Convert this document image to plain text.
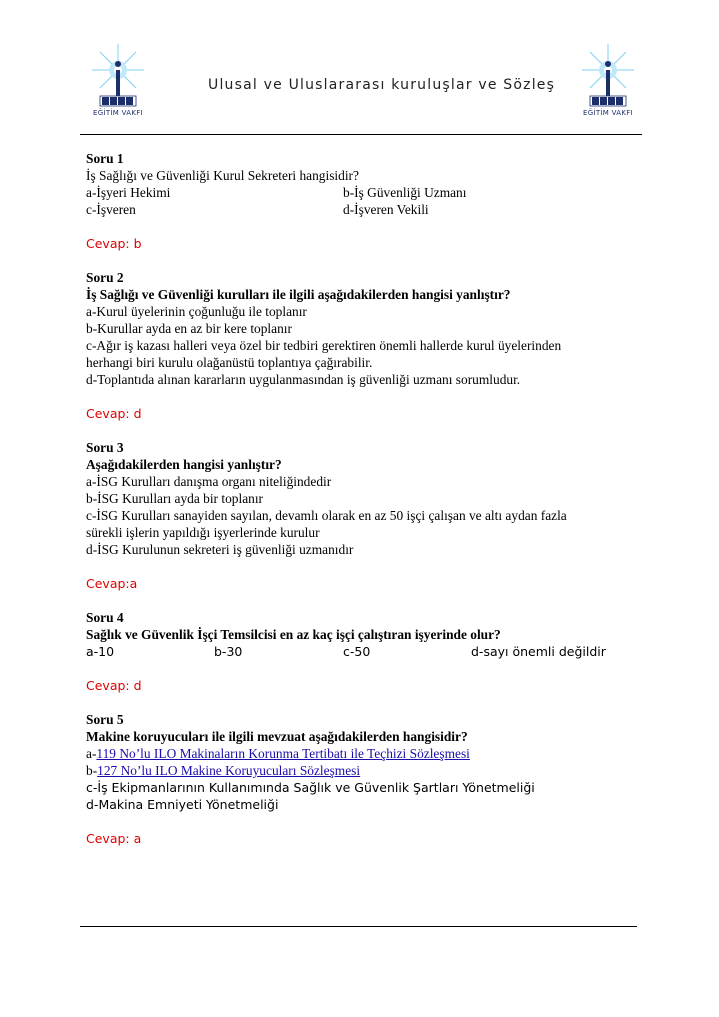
EĞİTİM VAKFI	EĞİTİM VAKFI
Ulusal ve Uluslararası kuruluşlar ve Sözleş
Soru 1
İş Sağlığı ve Güvenliği Kurul Sekreteri hangisidir?
a-İşyeri Hekimi	b-İş Güvenliği Uzmanı
c-İşveren	d-İşveren Vekili
Cevap: b
Soru 2
İş Sağlığı ve Güvenliği kurulları ile ilgili aşağıdakilerden hangisi yanlıştır?
a-Kurul üyelerinin çoğunluğu ile toplanır
b-Kurullar ayda en az bir kere toplanır
c-Ağır iş kazası halleri veya özel bir tedbiri gerektiren önemli hallerde kurul üyelerinden
herhangi biri kurulu olağanüstü toplantıya çağırabilir.
d-Toplantıda alınan kararların uygulanmasından iş güvenliği uzmanı sorumludur.
Cevap: d
Soru 3
Aşağıdakilerden hangisi yanlıştır?
a-İSG Kurulları danışma organı niteliğindedir
b-İSG Kurulları ayda bir toplanır
c-İSG Kurulları sanayiden sayılan, devamlı olarak en az 50 işçi çalışan ve altı aydan fazla
sürekli işlerin yapıldığı işyerlerinde kurulur
d-İSG Kurulunun sekreteri iş güvenliği uzmanıdır
Cevap:a
Soru 4
Sağlık ve Güvenlik İşçi Temsilcisi en az kaç işçi çalıştıran işyerinde olur?
a-10	b-30	c-50	d-sayı önemli değildir
Cevap: d
Soru 5
Makine koruyucuları ile ilgili mevzuat aşağıdakilerden hangisidir?
a-119 No’lu ILO Makinaların Korunma Tertibatı ile Teçhizi Sözleşmesi
b-127 No’lu ILO Makine Koruyucuları Sözleşmesi
c-İş Ekipmanlarının Kullanımında Sağlık ve Güvenlik Şartları Yönetmeliği
d-Makina Emniyeti Yönetmeliği
Cevap: a
